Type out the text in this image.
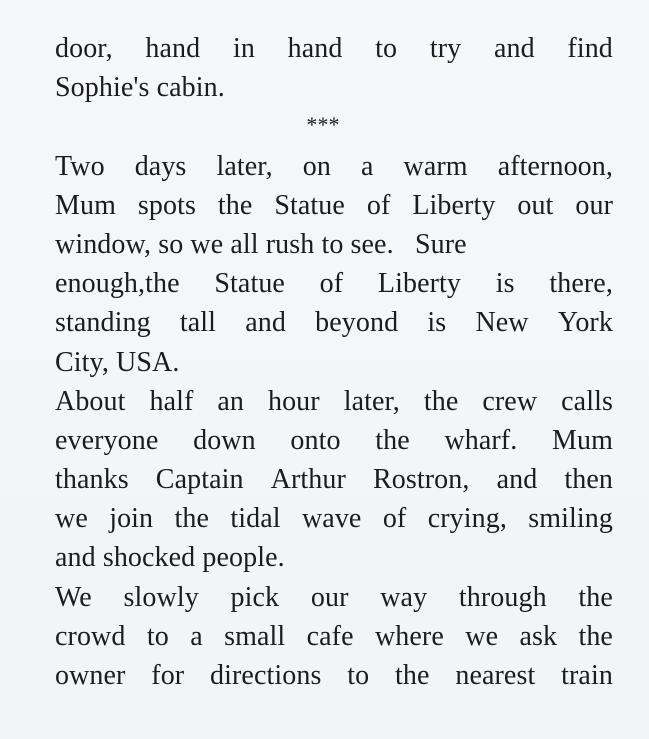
door, hand in hand to try and find
Sophie's cabin.
***
Two days later, on a warm afternoon,
Mum spots the Statue of Liberty out our
window, so we all rush to see.   Sure
enough,the Statue of Liberty is there,
standing tall and beyond is New York
City, USA.
About half an hour later, the crew calls
everyone down onto the wharf. Mum
thanks Captain Arthur Rostron, and then
we join the tidal wave of crying, smiling
and shocked people.
We slowly pick our way through the
crowd to a small cafe where we ask the
owner for directions to the nearest train
